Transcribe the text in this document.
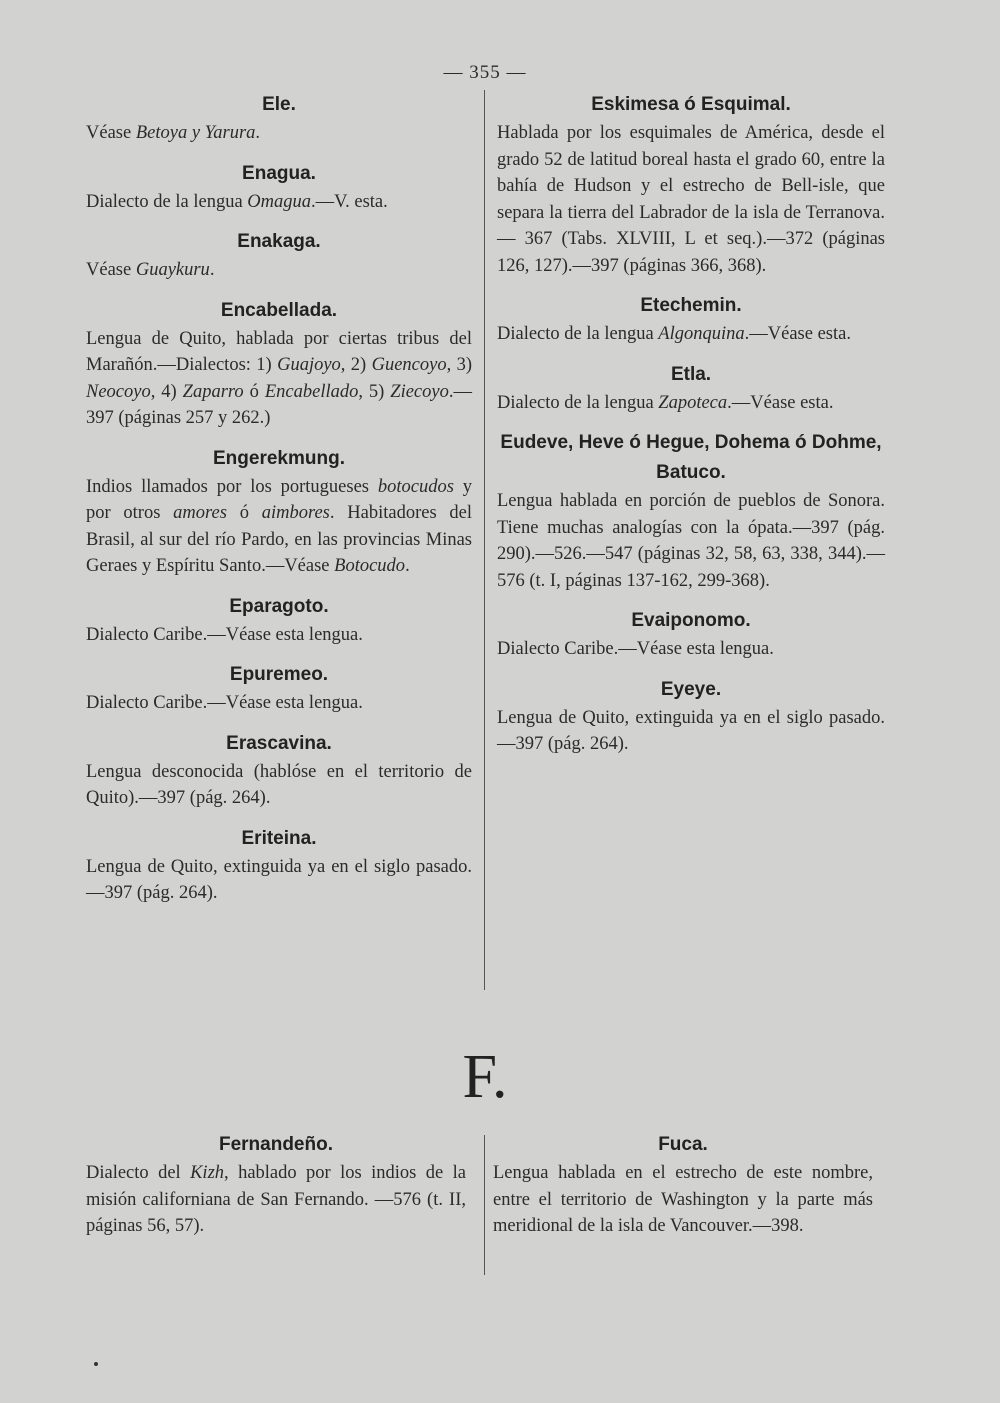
— 355 —

Ele.

Véase Betoya y Yarura.

Enagua.

Dialecto de la lengua Omagua.—V. esta.

Enakaga.

Véase Guaykuru.

Encabellada.

Lengua de Quito, hablada por ciertas tribus del Marañón.—Dialectos: 1) Guajoyo, 2) Guencoyo, 3) Neocoyo, 4) Zaparro ó Encabellado, 5) Ziecoyo.—397 (páginas 257 y 262.)

Engerekmung.

Indios llamados por los portugueses botocudos y por otros amores ó aimbores. Habitadores del Brasil, al sur del río Pardo, en las provincias Minas Geraes y Espíritu Santo.—Véase Botocudo.

Eparagoto.

Dialecto Caribe.—Véase esta lengua.

Epuremeo.

Dialecto Caribe.—Véase esta lengua.

Erascavina.

Lengua desconocida (hablóse en el territorio de Quito).—397 (pág. 264).

Eriteina.

Lengua de Quito, extinguida ya en el siglo pasado.—397 (pág. 264).

Eskimesa ó Esquimal.

Hablada por los esquimales de América, desde el grado 52 de latitud boreal hasta el grado 60, entre la bahía de Hudson y el estrecho de Bell-isle, que separa la tierra del Labrador de la isla de Terranova.— 367 (Tabs. XLVIII, L et seq.).—372 (páginas 126, 127).—397 (páginas 366, 368).

Etechemin.

Dialecto de la lengua Algonquina.—Véase esta.

Etla.

Dialecto de la lengua Zapoteca.—Véase esta.

Eudeve, Heve ó Hegue, Dohema ó Dohme, Batuco.

Lengua hablada en porción de pueblos de Sonora. Tiene muchas analogías con la ópata.—397 (pág. 290).—526.—547 (páginas 32, 58, 63, 338, 344).—576 (t. I, páginas 137-162, 299-368).

Evaiponomo.

Dialecto Caribe.—Véase esta lengua.

Eyeye.

Lengua de Quito, extinguida ya en el siglo pasado.—397 (pág. 264).

F.

Fernandeño.

Dialecto del Kizh, hablado por los indios de la misión californiana de San Fernando. —576 (t. II, páginas 56, 57).

Fuca.

Lengua hablada en el estrecho de este nombre, entre el territorio de Washington y la parte más meridional de la isla de Vancouver.—398.
